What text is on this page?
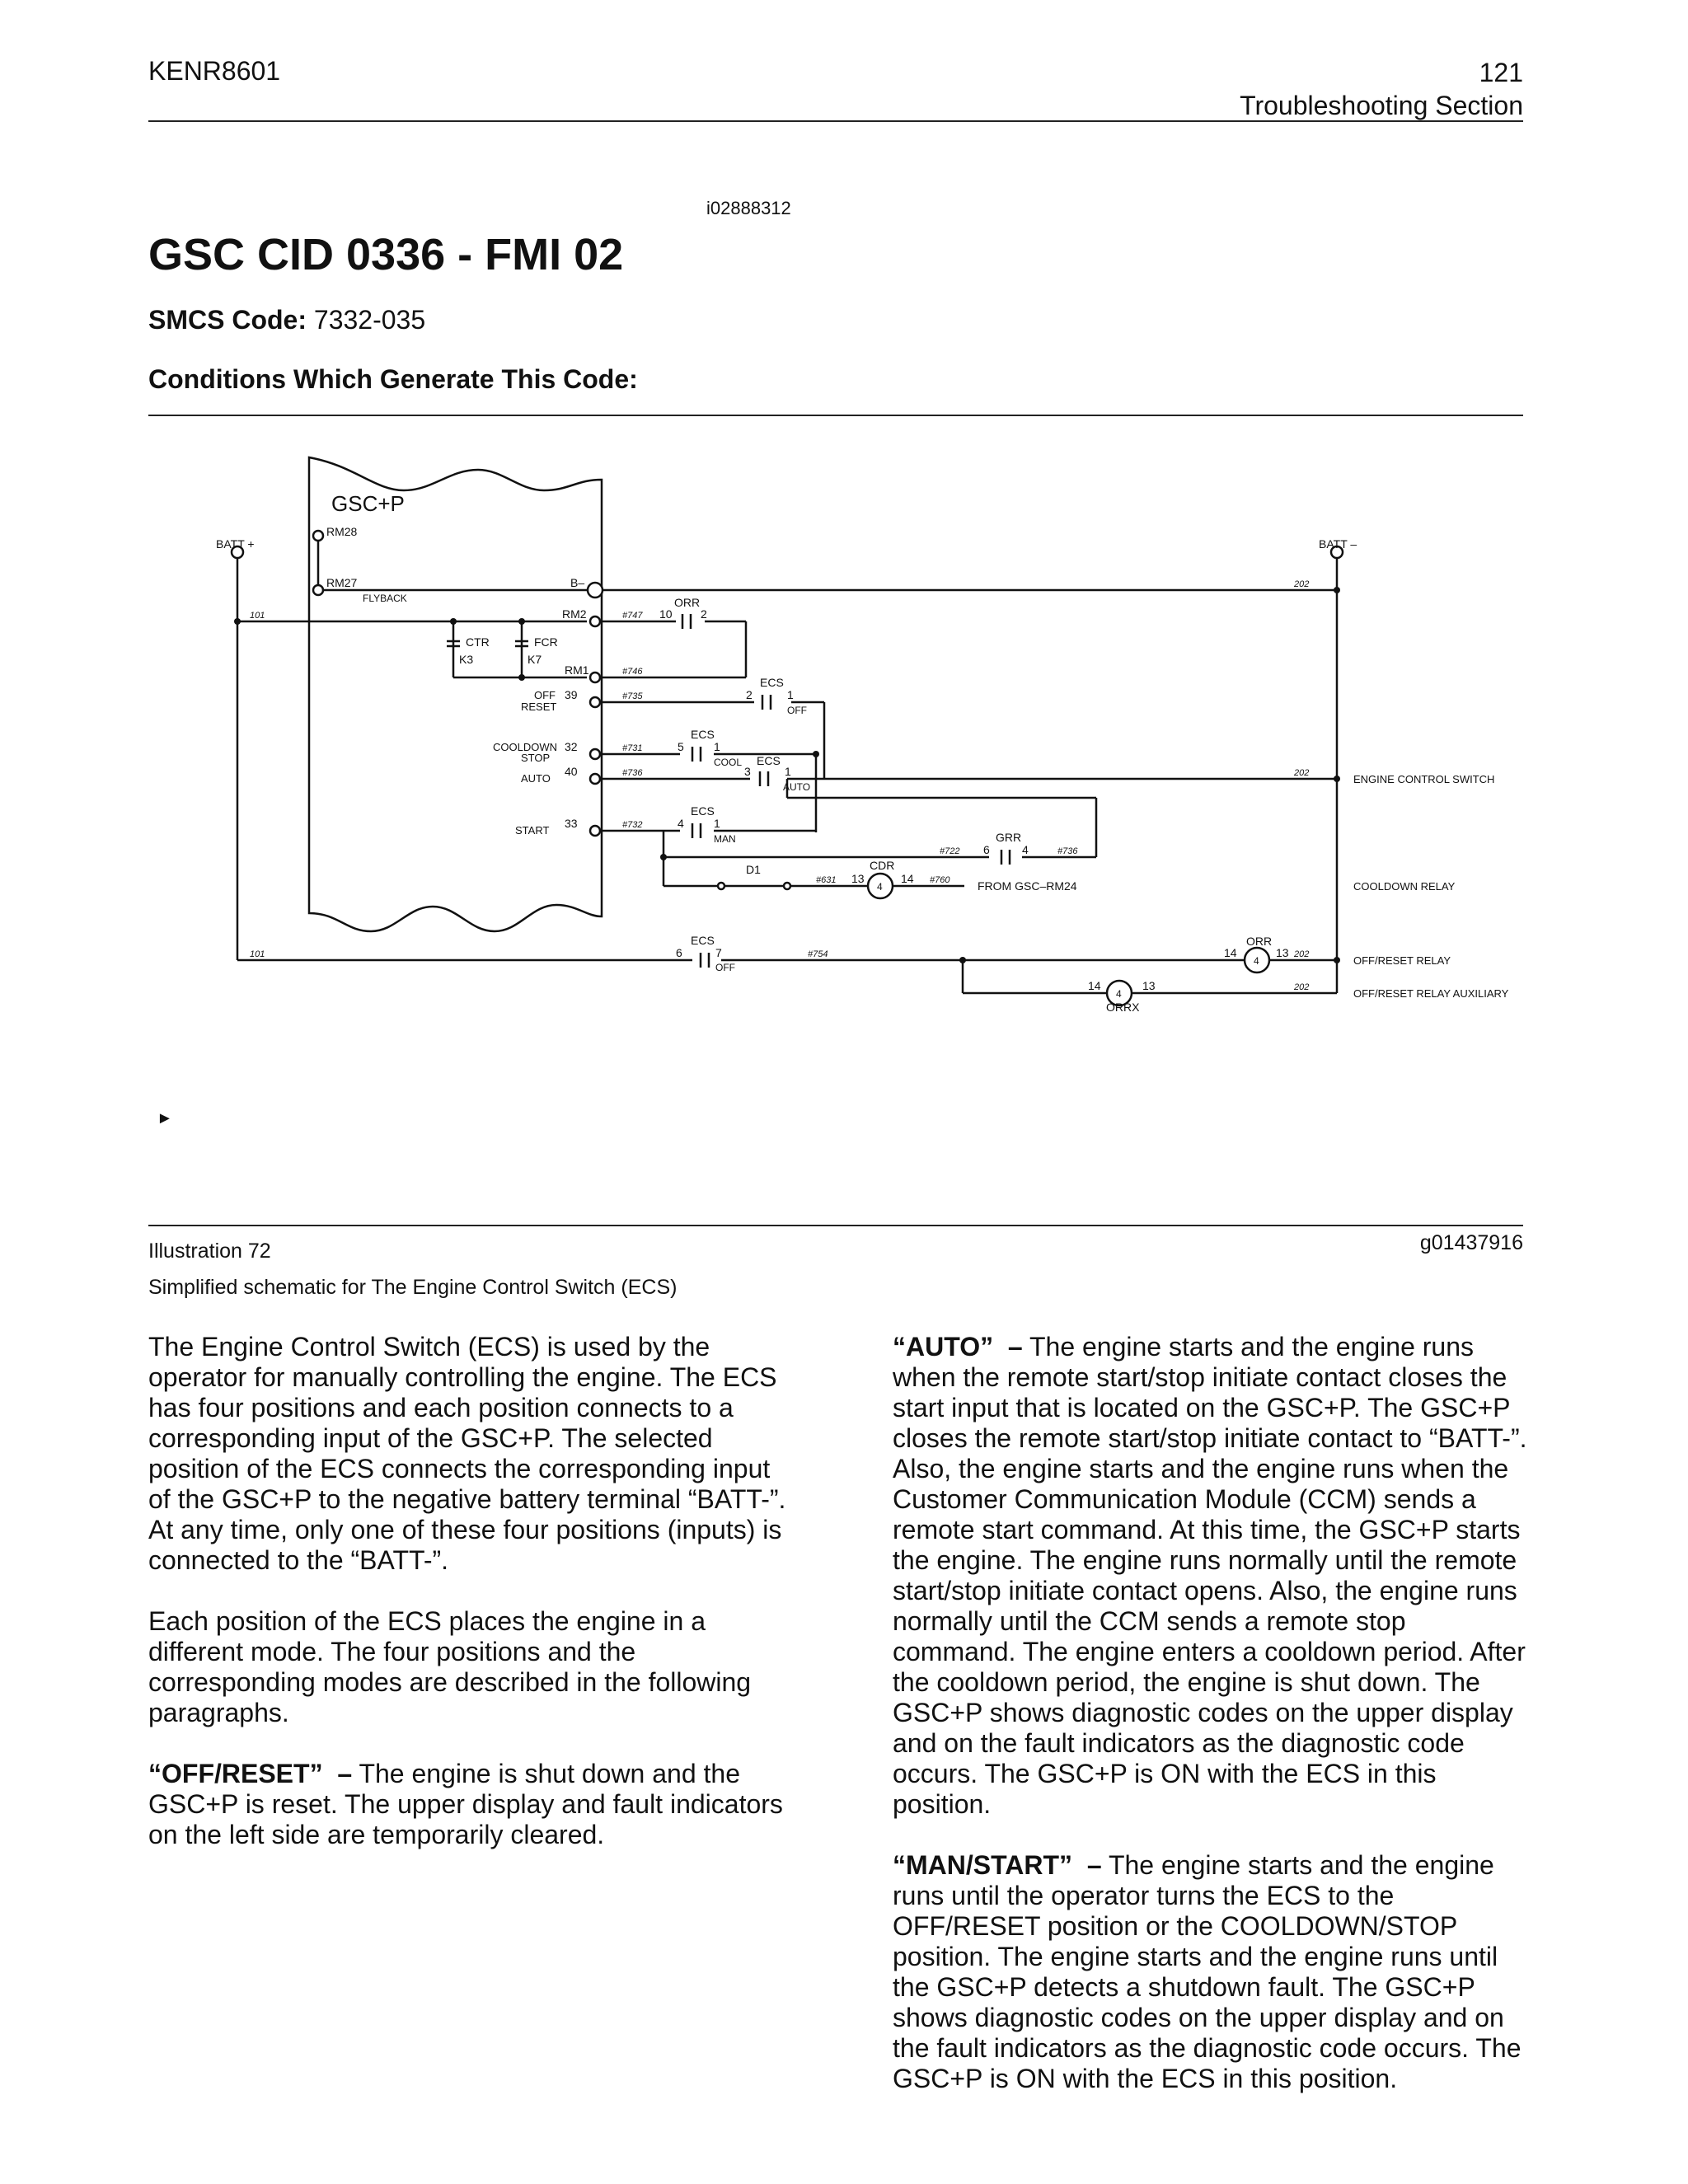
KENR8601	121
Troubleshooting Section
i02888312
GSC CID 0336 - FMI 02
SMCS Code: 7332-035
Conditions Which Generate This Code:
GSC+P
BATT +	BATT –
RM28
RM27
FLYBACK
B–
RM2
RM1
CTR
K3
FCR
K7
101
101
202
202
202
202
#747
#746
#735
#731
#736
#732
#722	#736
#631	#760
#754
ORR
10 2
ECS
2	1
OFF
ECS
5	1
COOL ECS
3	1
AUTO
ECS
4	1
MAN	GRR
6	4
D1	CDR
13	14
4	FROM GSC–RM24
ECS
6	7
OFF
ORR
14	13
4
14	13
4
ORRX
OFF
RESET
39
COOLDOWN
STOP
32
AUTO
40
START
33
ENGINE CONTROL SWITCH
COOLDOWN RELAY
OFF/RESET RELAY
OFF/RESET RELAY AUXILIARY
►
Illustration 72	g01437916
Simplified schematic for The Engine Control Switch (ECS)

The Engine Control Switch (ECS) is used by the operator for manually controlling the engine. The ECS has four positions and each position connects to a corresponding input of the GSC+P. The selected position of the ECS connects the corresponding input of the GSC+P to the negative battery terminal “BATT-”. At any time, only one of these four positions (inputs) is connected to the “BATT-”.

Each position of the ECS places the engine in a different mode. The four positions and the corresponding modes are described in the following paragraphs.

“OFF/RESET”  – The engine is shut down and the GSC+P is reset. The upper display and fault indicators on the left side are temporarily cleared.

“AUTO”  – The engine starts and the engine runs when the remote start/stop initiate contact closes the start input that is located on the GSC+P. The GSC+P closes the remote start/stop initiate contact to “BATT-”. Also, the engine starts and the engine runs when the Customer Communication Module (CCM) sends a remote start command. At this time, the GSC+P starts the engine. The engine runs normally until the remote start/stop initiate contact opens. Also, the engine runs normally until the CCM sends a remote stop command. The engine enters a cooldown period. After the cooldown period, the engine is shut down. The GSC+P shows diagnostic codes on the upper display and on the fault indicators as the diagnostic code occurs. The GSC+P is ON with the ECS in this position.

“MAN/START”  – The engine starts and the engine runs until the operator turns the ECS to the OFF/RESET position or the COOLDOWN/STOP position. The engine starts and the engine runs until the GSC+P detects a shutdown fault. The GSC+P shows diagnostic codes on the upper display and on the fault indicators as the diagnostic code occurs. The GSC+P is ON with the ECS in this position.
